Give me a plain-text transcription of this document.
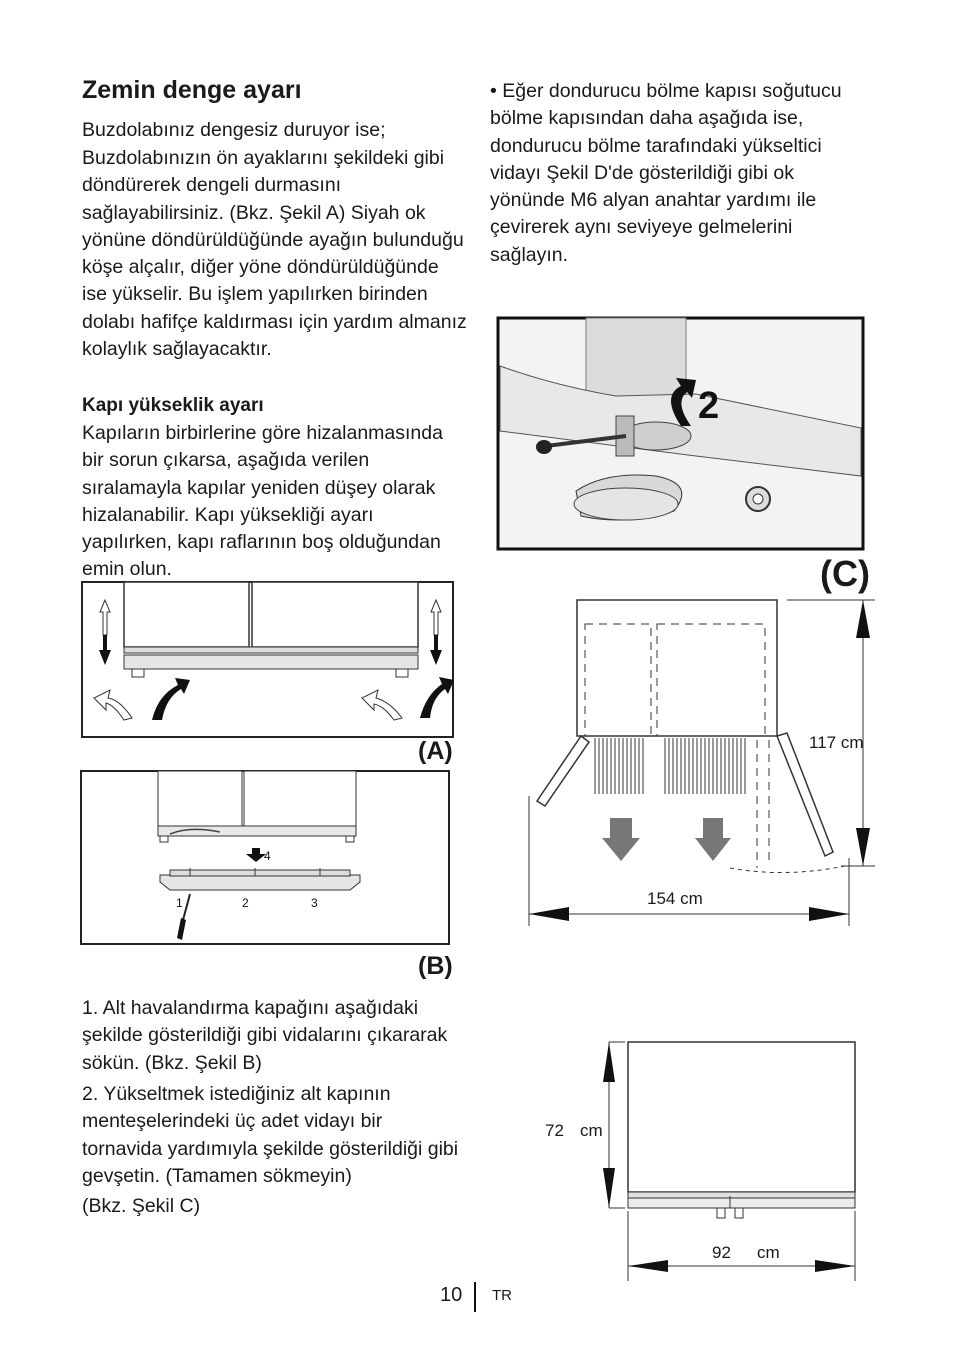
Zemin denge ayarı
Buzdolabınız dengesiz duruyor ise;
Buzdolabınızın ön ayaklarını şekildeki gibi döndürerek dengeli durmasını sağlayabilirsiniz. (Bkz. Şekil A) Siyah ok yönüne döndürüldüğünde ayağın bulunduğu köşe alçalır, diğer yöne döndürüldüğünde ise yükselir. Bu işlem yapılırken birinden dolabı hafifçe kaldırması için yardım almanız kolaylık sağlayacaktır.
Kapı yükseklik ayarı
Kapıların birbirlerine göre hizalanmasında bir sorun çıkarsa, aşağıda verilen sıralamayla kapılar yeniden düşey olarak hizalanabilir. Kapı yüksekliği ayarı yapılırken, kapı raflarının boş olduğundan emin olun.
1. Alt havalandırma kapağını aşağıdaki şekilde gösterildiği gibi vidalarını çıkararak sökün. (Bkz. Şekil B)
2. Yükseltmek istediğiniz alt kapının menteşelerindeki üç adet vidayı bir tornavida yardımıyla şekilde gösterildiği gibi gevşetin. (Tamamen sökmeyin)
(Bkz. Şekil C)
• Eğer dondurucu bölme kapısı soğutucu bölme kapısından daha aşağıda ise, dondurucu bölme tarafındaki yükseltici vidayı Şekil D'de gösterildiği gibi ok yönünde M6 alyan anahtar yardımı ile çevirerek aynı seviyeye gelmelerini sağlayın.
(A)
4
1	2	3
(B)
2
(C)
117 cm
154 cm
72 cm
92 cm
10 TR
